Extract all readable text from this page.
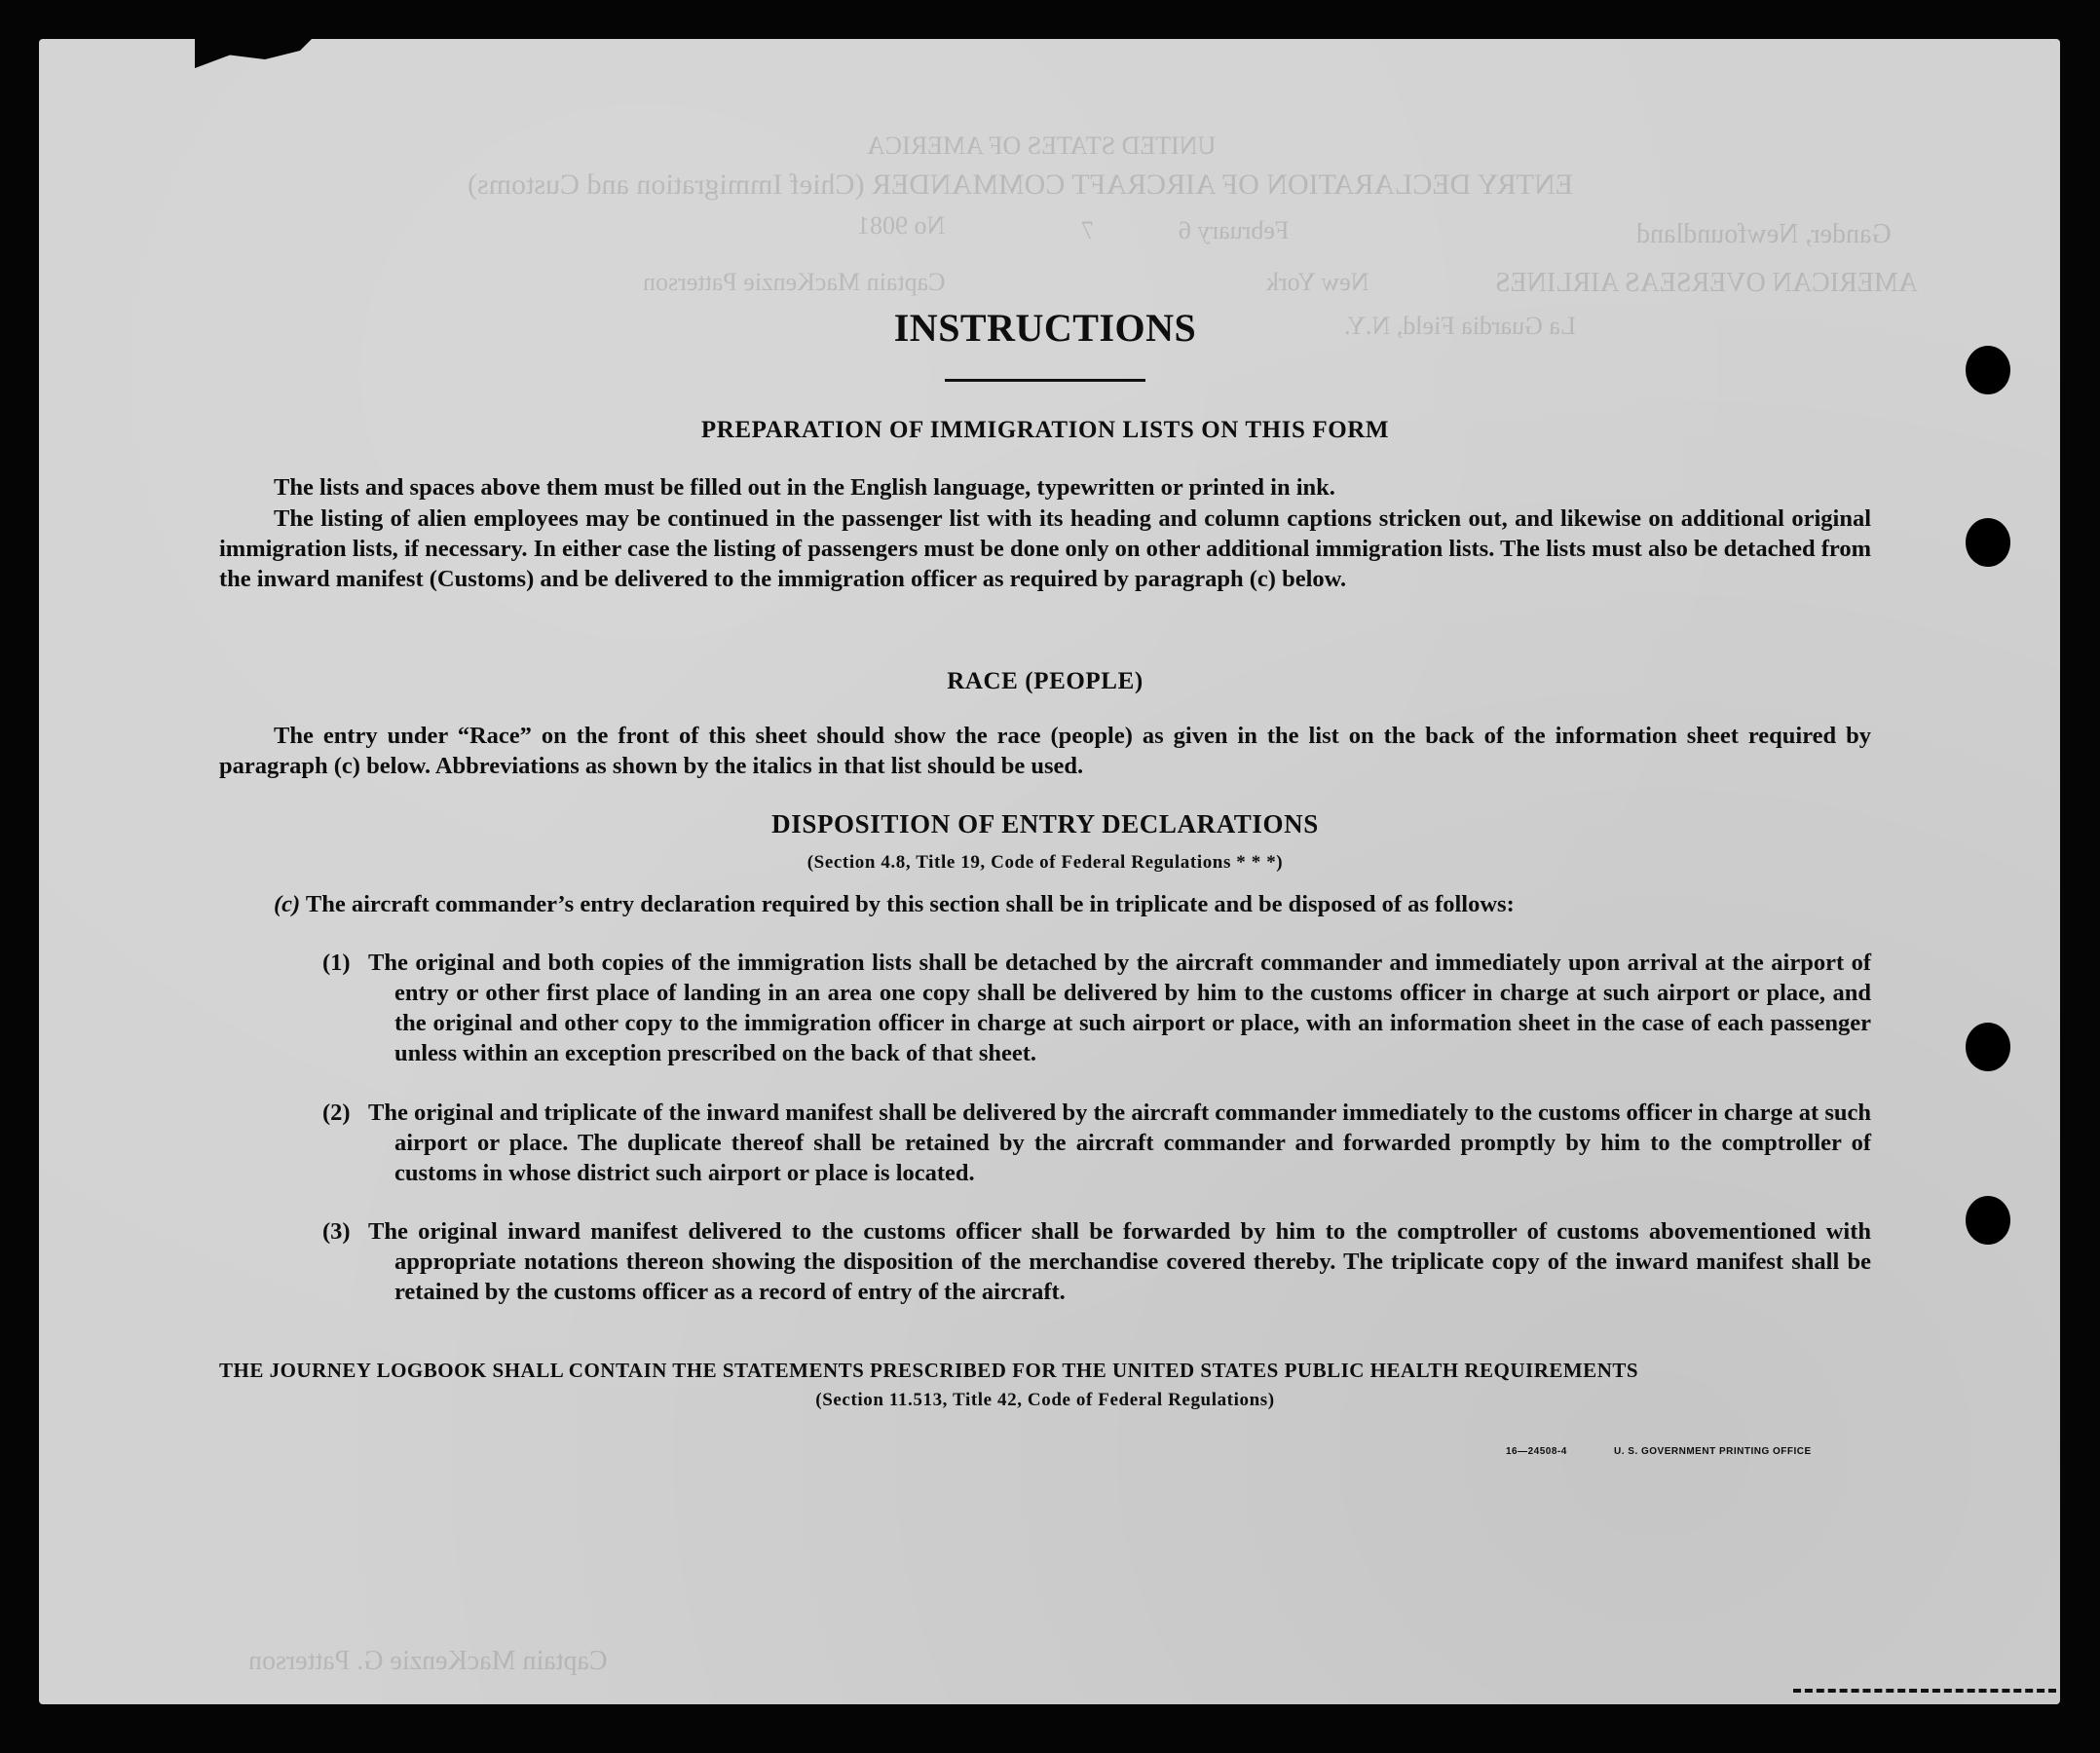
INSTRUCTIONS
PREPARATION OF IMMIGRATION LISTS ON THIS FORM
The lists and spaces above them must be filled out in the English language, typewritten or printed in ink.
The listing of alien employees may be continued in the passenger list with its heading and column captions stricken out, and likewise on additional original immigration lists, if necessary. In either case the listing of passengers must be done only on other additional immigration lists. The lists must also be detached from the inward manifest (Customs) and be delivered to the immigration officer as required by paragraph (c) below.
RACE (PEOPLE)
The entry under “Race” on the front of this sheet should show the race (people) as given in the list on the back of the information sheet required by paragraph (c) below. Abbreviations as shown by the italics in that list should be used.
DISPOSITION OF ENTRY DECLARATIONS
(Section 4.8, Title 19, Code of Federal Regulations * * *)
(c) The aircraft commander’s entry declaration required by this section shall be in triplicate and be disposed of as follows:
(1) The original and both copies of the immigration lists shall be detached by the aircraft commander and immediately upon arrival at the airport of entry or other first place of landing in an area one copy shall be delivered by him to the customs officer in charge at such airport or place, and the original and other copy to the immigration officer in charge at such airport or place, with an information sheet in the case of each passenger unless within an exception prescribed on the back of that sheet.
(2) The original and triplicate of the inward manifest shall be delivered by the aircraft commander immediately to the customs officer in charge at such airport or place. The duplicate thereof shall be retained by the aircraft commander and forwarded promptly by him to the comptroller of customs in whose district such airport or place is located.
(3) The original inward manifest delivered to the customs officer shall be forwarded by him to the comptroller of customs abovementioned with appropriate notations thereon showing the disposition of the merchandise covered thereby. The triplicate copy of the inward manifest shall be retained by the customs officer as a record of entry of the aircraft.
THE JOURNEY LOGBOOK SHALL CONTAIN THE STATEMENTS PRESCRIBED FOR THE UNITED STATES PUBLIC HEALTH REQUIREMENTS
(Section 11.513, Title 42, Code of Federal Regulations)
16—24508-4	U. S. GOVERNMENT PRINTING OFFICE
